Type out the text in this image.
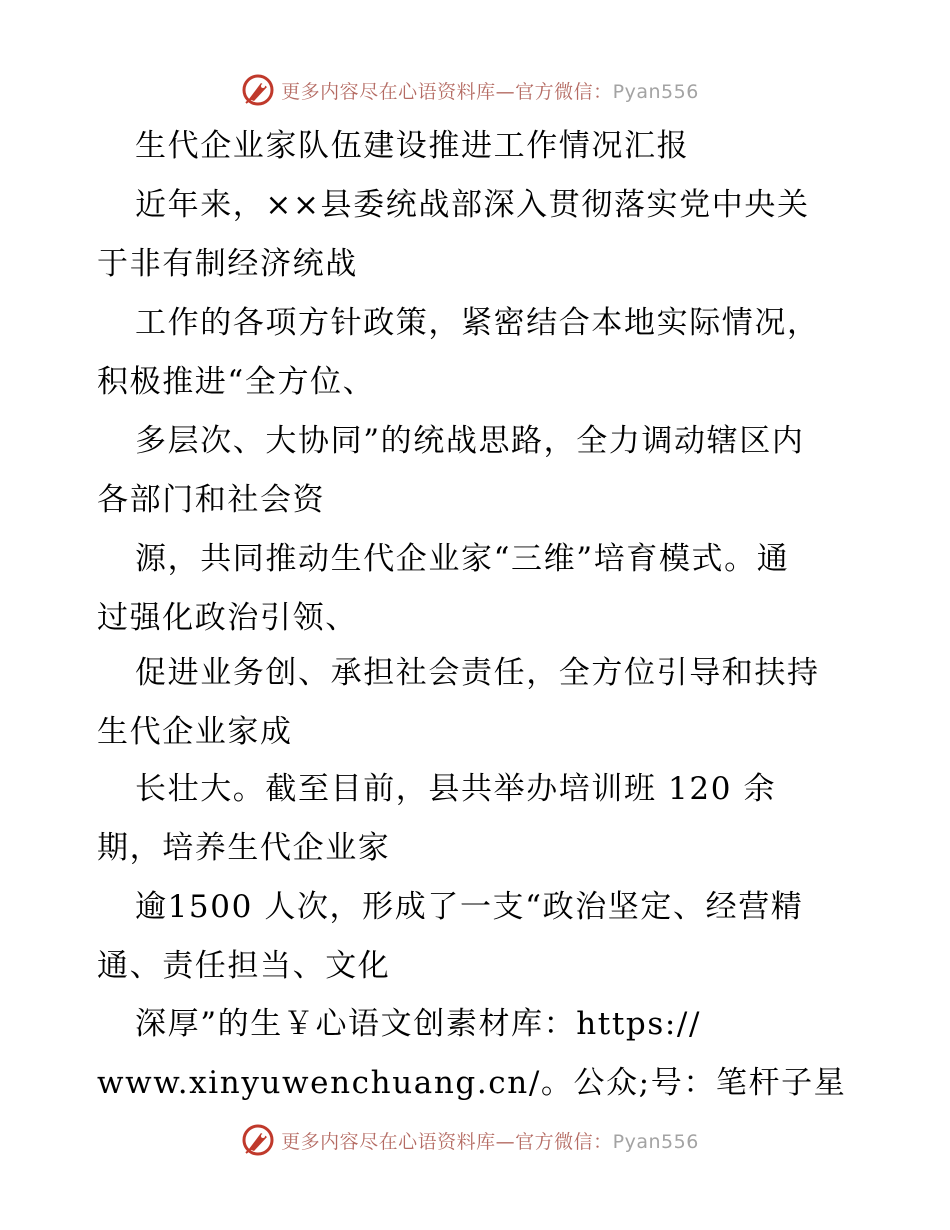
更多内容尽在心语资料库—官方微信：Pyan556
生代企业家队伍建设推进工作情况汇报
近年来，××县委统战部深入贯彻落实党中央关
于非有制经济统战
工作的各项方针政策，紧密结合本地实际情况，
积极推进“全方位、
多层次、大协同”的统战思路，全力调动辖区内
各部门和社会资
源，共同推动生代企业家“三维”培育模式。通
过强化政治引领、
促进业务创、承担社会责任，全方位引导和扶持
生代企业家成
长壮大。截至目前，县共举办培训班 120 余
期，培养生代企业家
逾1500 人次，形成了一支“政治坚定、经营精
通、责任担当、文化
深厚”的生￥心语文创素材库：https://
www.xinyuwenchuang.cn/。公众;号：笔杆子星
更多内容尽在心语资料库—官方微信：Pyan556
